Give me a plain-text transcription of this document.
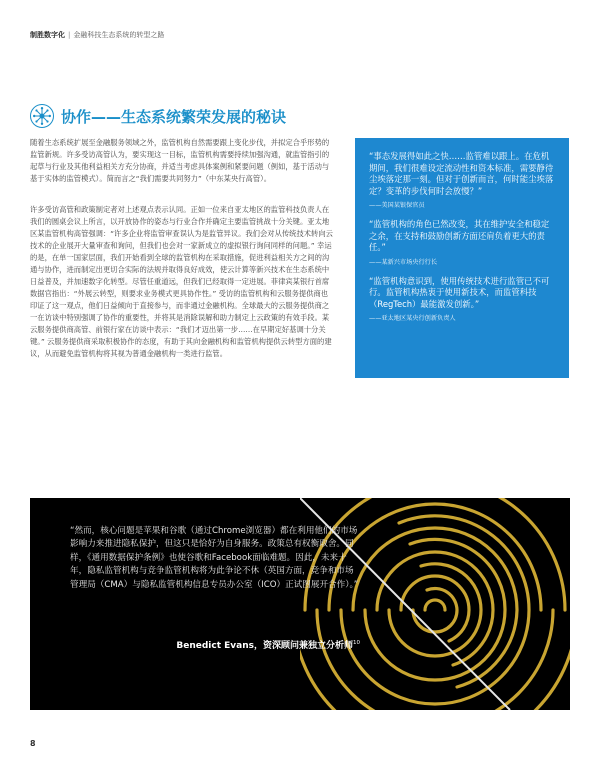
制胜数字化 | 金融科技生态系统的转型之路
协作——生态系统繁荣发展的秘诀

随着生态系统扩展至金融服务领域之外，监管机构自然需要跟上变化步伐，并拟定合乎形势的监管新规。许多受访高管认为，要实现这一目标，监管机构需要持续加强沟通，就监管指引的起草与行业及其他利益相关方充分协商，并适当考虑具体案例和紧要问题（例如，基于活动与基于实体的监管模式）。简而言之“我们需要共同努力”（中东某央行高管）。

许多受访高管和政策制定者对上述观点表示认同。正如一位来自亚太地区的监管科技负责人在我们的圆桌会议上所言，以开放协作的姿态与行业合作并确定主要监管挑战十分关键。亚太地区某监管机构高管强调：“许多企业将监管审查误认为是监管异议。我们会对从传统技术转向云技术的企业展开大量审查和询问，但我们也会对一家新成立的虚拟银行询问同样的问题。” 幸运的是，在单一国家层面，我们开始看到全球的监管机构在采取措施，促进利益相关方之间的沟通与协作，进而制定出更切合实际的法规并取得良好成效，使云计算等新兴技术在生态系统中日益普及，并加速数字化转型。尽管任重道远，但我们已经取得一定进展。菲律宾某银行首席数据官指出：“外展云转型，则要求业务模式更具协作性。” 受访的监管机构和云服务提供商也印证了这一观点，他们日益倾向于直接参与，而非通过金融机构。全球最大的云服务提供商之一在访谈中特别强调了协作的重要性，并将其是消除误解和助力制定上云政策的有效手段。某云服务提供商高管、前银行家在访谈中表示：“我们才迈出第一步……在早期定好基调十分关键。” 云服务提供商采取积极协作的态度，有助于其向金融机构和监管机构提供云转型方面的建议，从而避免监管机构将其视为普通金融机构一类进行监管。

“事态发展得如此之快……监管难以跟上。在危机期间，我们很难设定流动性和资本标准，需要静待尘埃落定那一刻。但对于创新而言，何时能尘埃落定？变革的步伐何时会放慢？”

——美国某银保官员

“监管机构的角色已然改变，其在维护安全和稳定之余，在支持和鼓励创新方面还肩负着更大的责任。”

——某新兴市场央行行长

“监管机构意识到，使用传统技术进行监管已不可行。监管机构热衷于使用新技术，而监管科技（RegTech）最能激发创新。”

——亚太地区某央行创新负责人

“然而，核心问题是苹果和谷歌（通过Chrome浏览器）都在利用他们的市场影响力来推进隐私保护，但这只是恰好为自身服务。政策总有权衡取舍。同样，《通用数据保护条例》也使谷歌和Facebook面临难题。因此，未来十年，隐私监管机构与竞争监管机构将为此争论不休（英国方面，竞争和市场管理局（CMA）与隐私监管机构信息专员办公室（ICO）正试图展开合作）。”

Benedict Evans，资深顾问兼独立分析师$^{10}$
8
